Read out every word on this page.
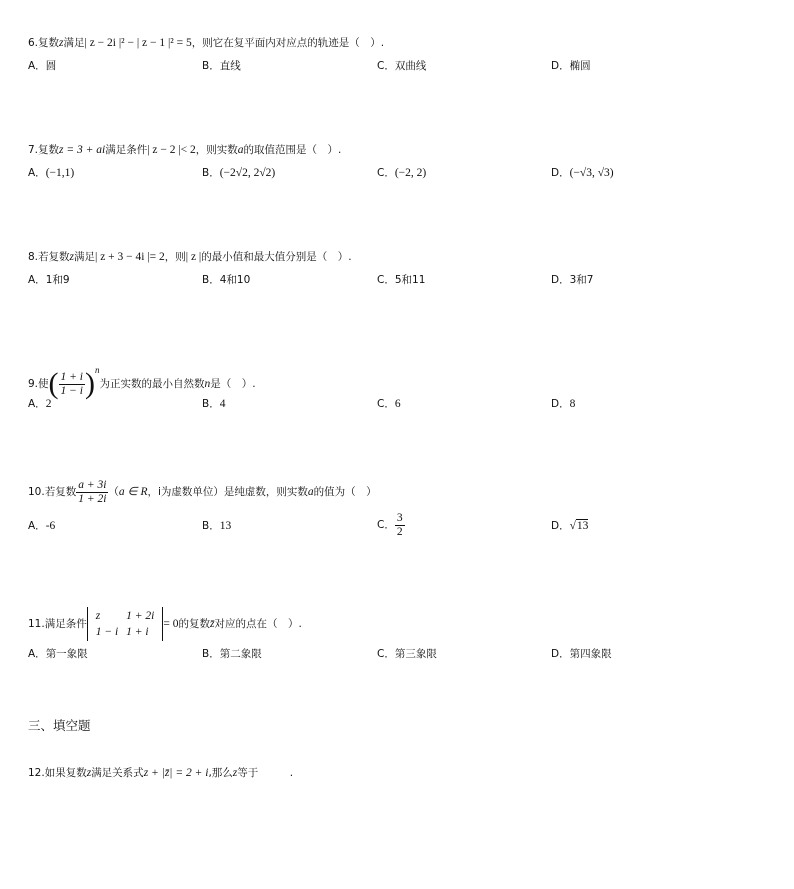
6.复数z满足| z − 2i |² − | z − 1 |² = 5，则它在复平面内对应点的轨迹是（　）.
A．圆	B．直线	C．双曲线	D．椭圆
7.复数z = 3 + ai满足条件| z − 2 |< 2，则实数a的取值范围是（　）.
A．(−1,1)	B．(−2√2, 2√2)	C．(−2, 2)	D．(−√3, √3)
8.若复数z满足| z + 3 − 4i |= 2，则| z |的最小值和最大值分别是（　）.
A．1和9	B．4和10	C．5和11	D．3和7
9.使( $\frac{1 + i}{1 - i} )^n$为正实数的最小自然数n是（　）.
A．2	B．4	C．6	D．8
10.若复数 $\frac{a + 3i}{1 + 2i} (a$ ∈ R，i为虚数单位）是纯虚数，则实数a的值为（　）
A．-6	B．13	C． $\frac{3}{2}$	D．√13
11.满足条件
z	1 + 2i
1 − i	1 + i
= 0的复数z̄对应的点在（　）.
A．第一象限	B．第二象限	C．第三象限	D．第四象限
三、填空题
12.如果复数z满足关系式z + |z̄| = 2 + i,那么z等于　　　	.
